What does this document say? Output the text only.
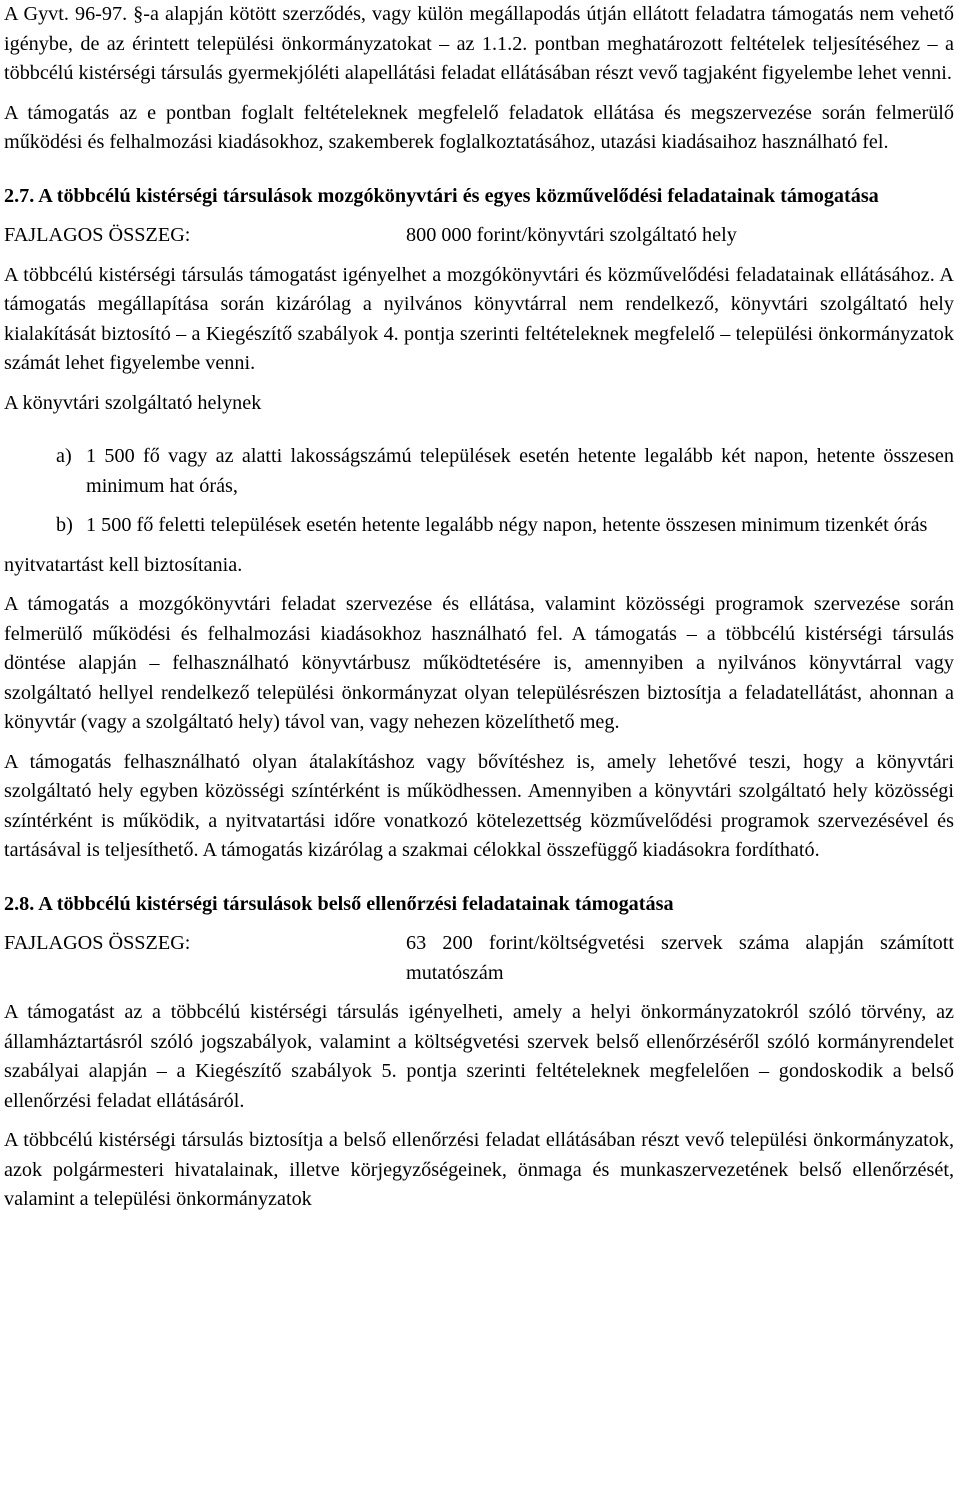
A Gyvt. 96-97. §-a alapján kötött szerződés, vagy külön megállapodás útján ellátott feladatra támogatás nem vehető igénybe, de az érintett települési önkormányzatokat – az 1.1.2. pontban meghatározott feltételek teljesítéséhez – a többcélú kistérségi társulás gyermekjóléti alapellátási feladat ellátásában részt vevő tagjaként figyelembe lehet venni.

A támogatás az e pontban foglalt feltételeknek megfelelő feladatok ellátása és megszervezése során felmerülő működési és felhalmozási kiadásokhoz, szakemberek foglalkoztatásához, utazási kiadásaihoz használható fel.

2.7. A többcélú kistérségi társulások mozgókönyvtári és egyes közművelődési feladatainak támogatása

FAJLAGOS ÖSSZEG:	800 000 forint/könyvtári szolgáltató hely

A többcélú kistérségi társulás támogatást igényelhet a mozgókönyvtári és közművelődési feladatainak ellátásához. A támogatás megállapítása során kizárólag a nyilvános könyvtárral nem rendelkező, könyvtári szolgáltató hely kialakítását biztosító – a Kiegészítő szabályok 4. pontja szerinti feltételeknek megfelelő – települési önkormányzatok számát lehet figyelembe venni.

A könyvtári szolgáltató helynek

a) 1 500 fő vagy az alatti lakosságszámú települések esetén hetente legalább két napon, hetente összesen minimum hat órás,
b) 1 500 fő feletti települések esetén hetente legalább négy napon, hetente összesen minimum tizenkét órás

nyitvatartást kell biztosítania.

A támogatás a mozgókönyvtári feladat szervezése és ellátása, valamint közösségi programok szervezése során felmerülő működési és felhalmozási kiadásokhoz használható fel. A támogatás – a többcélú kistérségi társulás döntése alapján – felhasználható könyvtárbusz működtetésére is, amennyiben a nyilvános könyvtárral vagy szolgáltató hellyel rendelkező települési önkormányzat olyan településrészen biztosítja a feladatellátást, ahonnan a könyvtár (vagy a szolgáltató hely) távol van, vagy nehezen közelíthető meg.

A támogatás felhasználható olyan átalakításhoz vagy bővítéshez is, amely lehetővé teszi, hogy a könyvtári szolgáltató hely egyben közösségi színtérként is működhessen. Amennyiben a könyvtári szolgáltató hely közösségi színtérként is működik, a nyitvatartási időre vonatkozó kötelezettség közművelődési programok szervezésével és tartásával is teljesíthető. A támogatás kizárólag a szakmai célokkal összefüggő kiadásokra fordítható.

2.8. A többcélú kistérségi társulások belső ellenőrzési feladatainak támogatása

FAJLAGOS ÖSSZEG:	63 200 forint/költségvetési szervek száma alapján számított mutatószám

A támogatást az a többcélú kistérségi társulás igényelheti, amely a helyi önkormányzatokról szóló törvény, az államháztartásról szóló jogszabályok, valamint a költségvetési szervek belső ellenőrzéséről szóló kormányrendelet szabályai alapján – a Kiegészítő szabályok 5. pontja szerinti feltételeknek megfelelően – gondoskodik a belső ellenőrzési feladat ellátásáról.

A többcélú kistérségi társulás biztosítja a belső ellenőrzési feladat ellátásában részt vevő települési önkormányzatok, azok polgármesteri hivatalainak, illetve körjegyzőségeinek, önmaga és munkaszervezetének belső ellenőrzését, valamint a települési önkormányzatok
